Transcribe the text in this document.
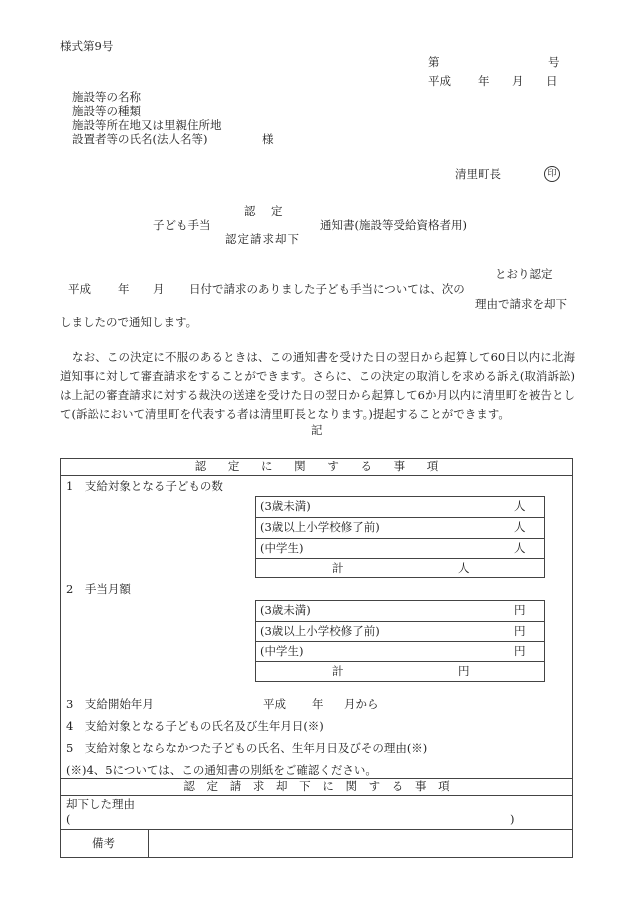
様式第9号
第	号
平成 年 月 日
施設等の名称
施設等の種類
施設等所在地又は里親住所地
設置者等の氏名(法人名等)	様
清里町長	印
認　定
子ども手当	通知書(施設等受給資格者用)
認定請求却下
とおり認定
平成 年 月 日付で請求のありました子ども手当については、次の
理由で請求を却下
しましたので通知します。
なお、この決定に不服のあるときは、この通知書を受けた日の翌日から起算して60日以内に北海道知事に対して審査請求をすることができます。さらに、この決定の取消しを求める訴え(取消訴訟)は上記の審査請求に対する裁決の送達を受けた日の翌日から起算して6か月以内に清里町を被告として(訴訟において清里町を代表する者は清里町長となります。)提起することができます。
記
認 定 に 関 す る 事 項
1　支給対象となる子どもの数
(3歳未満)	人
(3歳以上小学校修了前)	人
(中学生)	人
計	人
2　手当月額
(3歳未満)	円
(3歳以上小学校修了前)	円
(中学生)	円
計	円
3　支給開始年月	平成 年 月から
4　支給対象となる子どもの氏名及び生年月日(※)
5　支給対象とならなかつた子どもの氏名、生年月日及びその理由(※)
(※)4、5については、この通知書の別紙をご確認ください。
認 定 請 求 却 下 に 関 す る 事 項
却下した理由
(	)
備考
